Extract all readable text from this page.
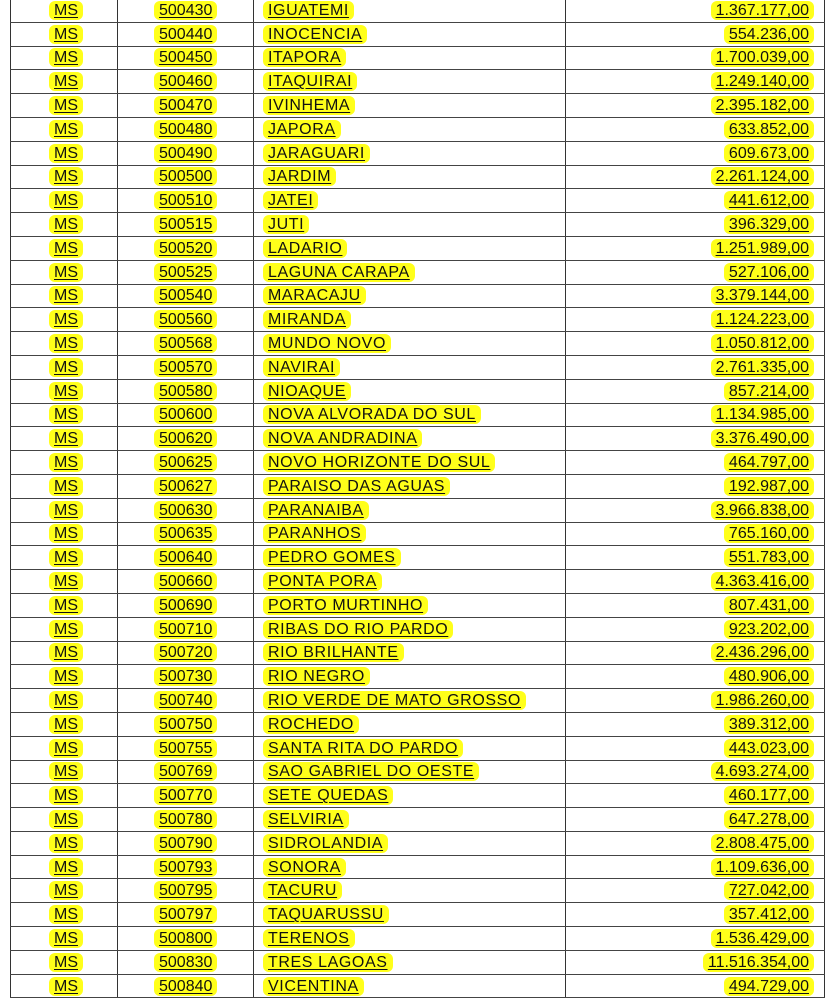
MS	500430	IGUATEMI	1.367.177,00
MS	500440	INOCENCIA	554.236,00
MS	500450	ITAPORA	1.700.039,00
MS	500460	ITAQUIRAI	1.249.140,00
MS	500470	IVINHEMA	2.395.182,00
MS	500480	JAPORA	633.852,00
MS	500490	JARAGUARI	609.673,00
MS	500500	JARDIM	2.261.124,00
MS	500510	JATEI	441.612,00
MS	500515	JUTI	396.329,00
MS	500520	LADARIO	1.251.989,00
MS	500525	LAGUNA CARAPA	527.106,00
MS	500540	MARACAJU	3.379.144,00
MS	500560	MIRANDA	1.124.223,00
MS	500568	MUNDO NOVO	1.050.812,00
MS	500570	NAVIRAI	2.761.335,00
MS	500580	NIOAQUE	857.214,00
MS	500600	NOVA ALVORADA DO SUL	1.134.985,00
MS	500620	NOVA ANDRADINA	3.376.490,00
MS	500625	NOVO HORIZONTE DO SUL	464.797,00
MS	500627	PARAISO DAS AGUAS	192.987,00
MS	500630	PARANAIBA	3.966.838,00
MS	500635	PARANHOS	765.160,00
MS	500640	PEDRO GOMES	551.783,00
MS	500660	PONTA PORA	4.363.416,00
MS	500690	PORTO MURTINHO	807.431,00
MS	500710	RIBAS DO RIO PARDO	923.202,00
MS	500720	RIO BRILHANTE	2.436.296,00
MS	500730	RIO NEGRO	480.906,00
MS	500740	RIO VERDE DE MATO GROSSO	1.986.260,00
MS	500750	ROCHEDO	389.312,00
MS	500755	SANTA RITA DO PARDO	443.023,00
MS	500769	SAO GABRIEL DO OESTE	4.693.274,00
MS	500770	SETE QUEDAS	460.177,00
MS	500780	SELVIRIA	647.278,00
MS	500790	SIDROLANDIA	2.808.475,00
MS	500793	SONORA	1.109.636,00
MS	500795	TACURU	727.042,00
MS	500797	TAQUARUSSU	357.412,00
MS	500800	TERENOS	1.536.429,00
MS	500830	TRES LAGOAS	11.516.354,00
MS	500840	VICENTINA	494.729,00
